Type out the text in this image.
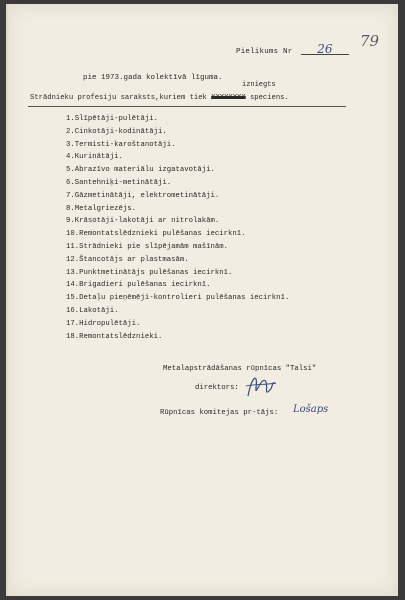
79
Pielikums Nr 26
pie 1973.gada kolektīvā līguma.
izniegts
Strādnieku profesiju saraksts,kuriem tiek XXXXXXXX speciens.
1.Slīpētāji-pulētāji.
2.Cinkotāji-kodinātāji.
3.Termisti-karoštanotāji.
4.Kurinātāji.
5.Abrazīvo materiālu izgatavotāji.
6.Santehniķi-metinātāji.
7.Gāzmetinātāji, elektrometinātāji.
8.Metalgriezējs.
9.Krāsotāji-lakotāji ar nitrolakām.
10.Remontatslēdznieki pulēšanas iecirknī.
11.Strādnieki pie slīpējamām mašīnām.
12.Štancotājs ar plastmasām.
13.Punktmetinātājs pulēšanas iecirknī.
14.Brigadieri pulēšanas iecirknī.
15.Detaļu pieņēmēji-kontrolieri pulēšanas iecirknī.
16.Lakotāji.
17.Hidropulētāji.
18.Remontatslēdznieki.
Metalapstrādāšanas rūpnīcas "Talsi"
direktors:
Rūpnīcas komitejas pr-tājs: Lošaps
